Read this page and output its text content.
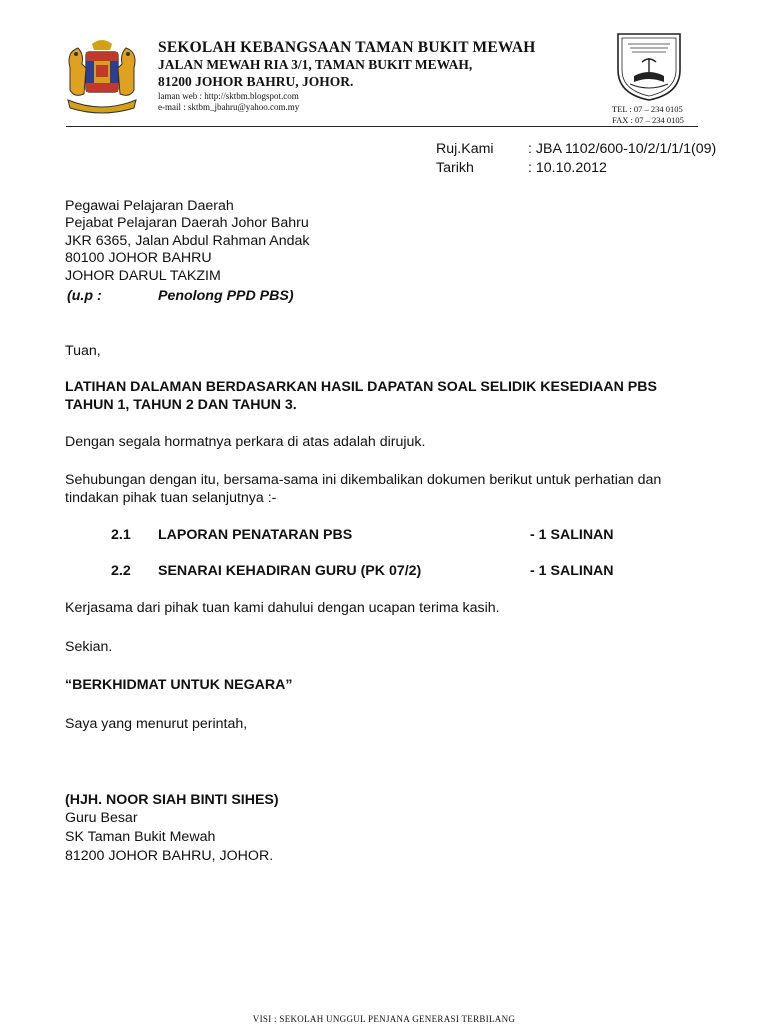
SEKOLAH KEBANGSAAN TAMAN BUKIT MEWAH
JALAN MEWAH RIA 3/1, TAMAN BUKIT MEWAH,
81200 JOHOR BAHRU, JOHOR.
laman web : http://sktbm.blogspot.com
e-mail : sktbm_jbahru@yahoo.com.my	TEL : 07 – 234 0105
FAX : 07 – 234 0105
Ruj.Kami : JBA 1102/600-10/2/1/1/1(09)
Tarikh	: 10.10.2012
Pegawai Pelajaran Daerah
Pejabat Pelajaran Daerah Johor Bahru
JKR 6365, Jalan Abdul Rahman Andak
80100 JOHOR BAHRU
JOHOR DARUL TAKZIM
(u.p :	Penolong PPD PBS)
Tuan,
LATIHAN DALAMAN BERDASARKAN HASIL DAPATAN SOAL SELIDIK KESEDIAAN PBS
TAHUN 1, TAHUN 2 DAN TAHUN 3.
Dengan segala hormatnya perkara di atas adalah dirujuk.
Sehubungan dengan itu, bersama-sama ini dikembalikan dokumen berikut untuk perhatian dan
tindakan pihak tuan selanjutnya :-
2.1 LAPORAN PENATARAN PBS	- 1 SALINAN
2.2 SENARAI KEHADIRAN GURU (PK 07/2)	- 1 SALINAN
Kerjasama dari pihak tuan kami dahului dengan ucapan terima kasih.
Sekian.
“BERKHIDMAT UNTUK NEGARA”
Saya yang menurut perintah,
(HJH. NOOR SIAH BINTI SIHES)
Guru Besar
SK Taman Bukit Mewah
81200 JOHOR BAHRU, JOHOR.
VISI : SEKOLAH UNGGUL PENJANA GENERASI TERBILANG
